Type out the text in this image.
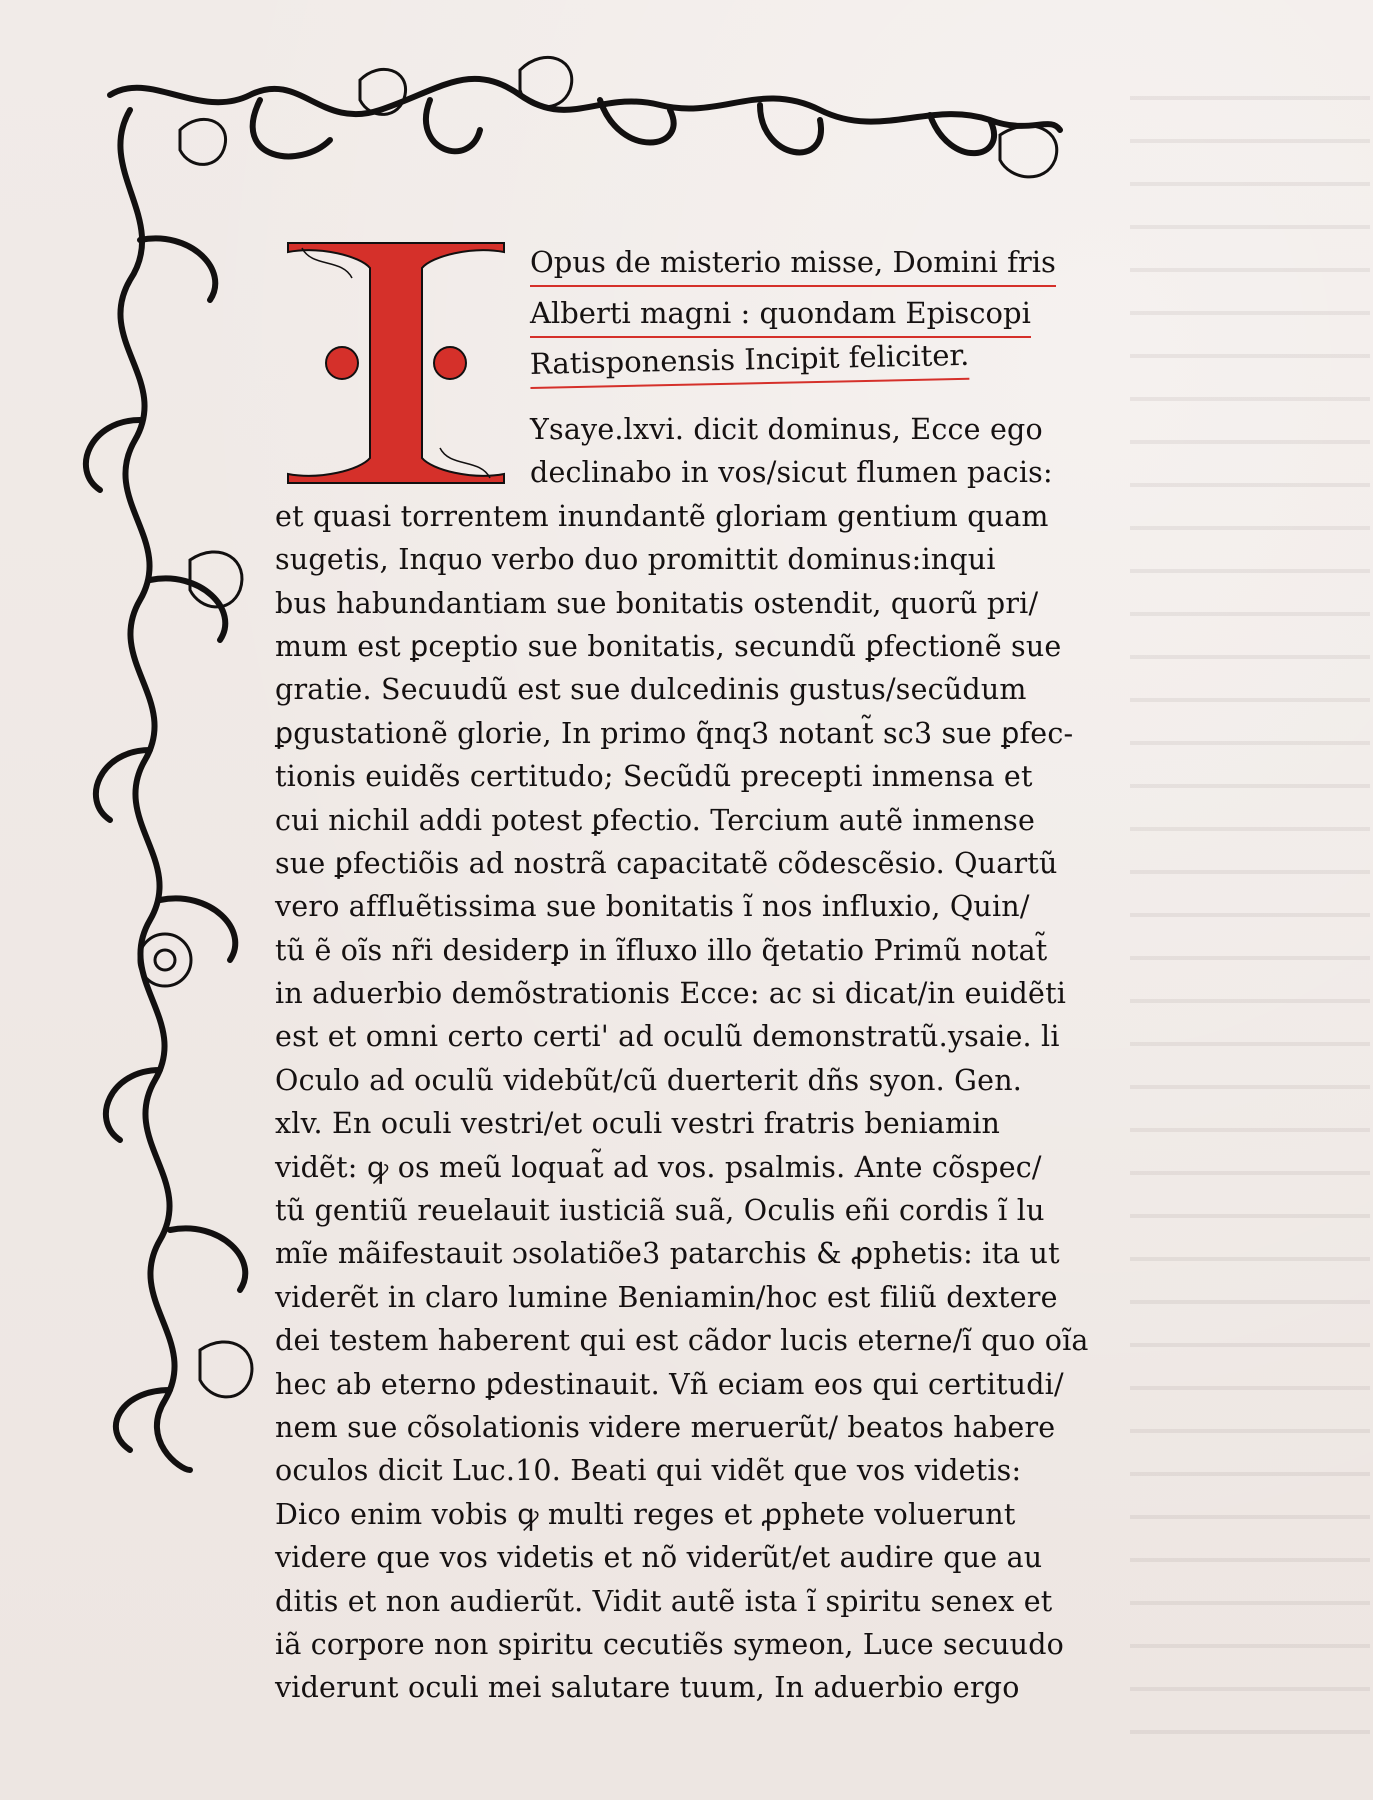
Opus de misterio misse, Domini fris
Alberti magni : quondam Episcopi
Ratisponensis Incipit feliciter.
Ysaye.lxvi. dicit dominus, Ecce ego
declinabo in vos/sicut flumen pacis:
et quasi torrentem inundantẽ gloriam gentium quam
sugetis, Inquo verbo duo promittit dominus:inqui
bus habundantiam sue bonitatis ostendit, quorũ pri/
mum est ꝑceptio sue bonitatis, secundũ ꝑfectionẽ sue
gratie. Secuudũ est sue dulcedinis gustus/secũdum
ꝑgustationẽ glorie, In primo q̃nq3 notant̃ sc3 sue ꝑfec-
tionis euidẽs certitudo; Secũdũ precepti inmensa et
cui nichil addi potest ꝑfectio. Tercium autẽ inmense
sue ꝑfectiõis ad nostrã capacitatẽ cõdescẽsio. Quartũ
vero affluẽtissima sue bonitatis ĩ nos influxio, Quin/
tũ ẽ oĩs nr̃i desiderꝑ in ĩfluxo illo q̃etatio Primũ notat̃
in aduerbio demõstrationis Ecce: ac si dicat/in euidẽti
est et omni certo certi' ad oculũ demonstratũ.ysaie. li
Oculo ad oculũ videbũt/cũ duerterit dñs syon. Gen.
xlv. En oculi vestri/et oculi vestri fratris beniamin
vidẽt: ꝙ os meũ loquat̃ ad vos. psalmis. Ante cõspec/
tũ gentiũ reuelauit iusticiã suã, Oculis eñi cordis ĩ lu
mĩe mãifestauit ɔsolatiõe3 patarchis & ꝓphetis: ita ut
viderẽt in claro lumine Beniamin/hoc est filiũ dextere
dei testem haberent qui est cãdor lucis eterne/ĩ quo oĩa
hec ab eterno ꝑdestinauit. Vñ eciam eos qui certitudi/
nem sue cõsolationis videre meruerũt/ beatos habere
oculos dicit Luc.10. Beati qui vidẽt que vos videtis:
Dico enim vobis ꝙ multi reges et ꝓphete voluerunt
videre que vos videtis et nõ viderũt/et audire que au
ditis et non audierũt. Vidit autẽ ista ĩ spiritu senex et
iã corpore non spiritu cecutiẽs symeon, Luce secuudo
viderunt oculi mei salutare tuum, In aduerbio ergo
